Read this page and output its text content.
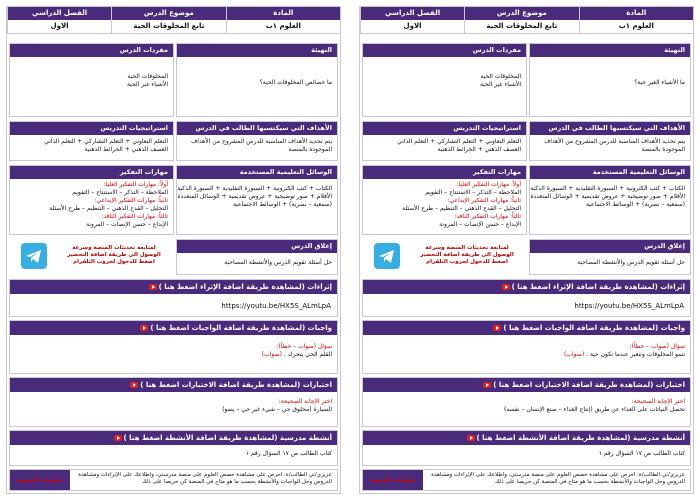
المادة
موضوع الدرس
الفصل الدراسي
العلوم ١ب
تابع المخلوقات الحية
الاول
التهيئة
ما خصائص المخلوقات الحية؟
مفردات الدرس
المخلوقات الحية
الأشياء غير الحية
الأهداف التي سيكتسبها الطالب في الدرس
يتم تحديد الأهداف المناسبة للدرس المشروح من الأهداف الموجودة بالمنصة
استراتيجيات التدريس
التعلم التعاوني + التعلم التشاركي + التعلم الذاتي
العصف الذهني + الخرائط الذهنية
الوسائل التعليمية المستخدمة
الكتاب + كتب الكترونية + السبورة التقليدية + السبورة الذكية
الأقلام + صور توضيحية + عروض تقديمية + الوسائل المتعددة
(سمعية – بصرية) + الوسائط الاجتماعية
مهارات التفكير
أولاً: مهارات التفكير العليا:
الملاحظة – التذكر – الاستنتاج – التقويم
ثانياً: مهارات التفكير الإبداعي:
التحليل – القدح الذهني – التنظيم – طرح الأسئلة
ثالثاً: مهارات التفكير الناقد:
الإبداع – حسن الإنصات – المرونة
إغلاق الدرس
حل أسئلة تقويم الدرس والأنشطة المصاحبة
لمتابعة تحديثات المنصة وسرعة الوصول الى طريقة اضافة التحضير اضغط للدخول لجروب التلقرام
إثراءات (لمشاهدة طريقة اضافة الإثراء اضغط هنا )
https://youtu.be/HX5S_ALmLpA
واجبات (لمشاهدة طريقة اضافة الواجبات اضغط هنا )
سؤال (صواب – خطأ):
القلم الحي يتحرك . (صواب)
اختبارات (لمشاهدة طريقة اضافة الاختبارات اضغط هنا )
اختر الإجابة الصحيحة:
السيارة (مخلوق حي – شيء غير حي – ينمو)
أنشطة مدرسية (لمشاهدة طريقة اضافة الأنشطة اضغط هنا )
كتاب الطالب ص ١٧ السؤال رقم ١
عزيزي/تي الطالب/ة: احرص على مشاهدة حصص العلوم على منصة مدرستي، واطلاعك على الإثراءات ومشاهدة الدروس وحل الواجبات والأنشطة بحسب ما هو متاح في المنصة كن حريصا على ذلك
تعليمات المنصة
المادة
موضوع الدرس
الفصل الدراسي
العلوم ١ب
تابع المخلوقات الحية
الاول
التهيئة
ما الأشياء الغير حية؟
مفردات الدرس
المخلوقات الحية
الأشياء غير الحية
الأهداف التي سيكتسبها الطالب في الدرس
يتم تحديد الأهداف المناسبة للدرس المشروح من الأهداف الموجودة بالمنصة
استراتيجيات التدريس
التعلم التعاوني + التعلم التشاركي + التعلم الذاتي
العصف الذهني + الخرائط الذهنية
الوسائل التعليمية المستخدمة
الكتاب + كتب الكترونية + السبورة التقليدية + السبورة الذكية
الأقلام + صور توضيحية + عروض تقديمية + الوسائل المتعددة
(سمعية – بصرية) + الوسائط الاجتماعية
مهارات التفكير
أولاً: مهارات التفكير العليا:
الملاحظة – التذكر – الاستنتاج – التقويم
ثانياً: مهارات التفكير الإبداعي:
التحليل – القدح الذهني – التنظيم – طرح الأسئلة
ثالثاً: مهارات التفكير الناقد:
الإبداع – حسن الإنصات – المرونة
إغلاق الدرس
حل أسئلة تقويم الدرس والأنشطة المصاحبة
لمتابعة تحديثات المنصة وسرعة الوصول الى طريقة اضافة التحضير اضغط للدخول لجروب التلقرام
إثراءات (لمشاهدة طريقة اضافة الإثراء اضغط هنا )
https://youtu.be/HX5S_ALmLpA
واجبات (لمشاهدة طريقة اضافة الواجبات اضغط هنا )
سؤال (صواب – خطأ):
تنمو المخلوقات وتتغير عندما تكون حية . (صواب)
اختبارات (لمشاهدة طريقة اضافة الاختبارات اضغط هنا )
اختر الإجابة الصحيحة:
تحصل النباتات على الغذاء عن طريق (إنتاج الغذاء – صنع الإنسان – نفسه)
أنشطة مدرسية (لمشاهدة طريقة اضافة الأنشطة اضغط هنا )
كتاب الطالب ص ١٧ السؤال رقم ١
عزيزي/تي الطالب/ة: احرص على مشاهدة حصص العلوم على منصة مدرستي، واطلاعك على الإثراءات ومشاهدة الدروس وحل الواجبات والأنشطة بحسب ما هو متاح في المنصة كن حريصا على ذلك
تعليمات المنصة
